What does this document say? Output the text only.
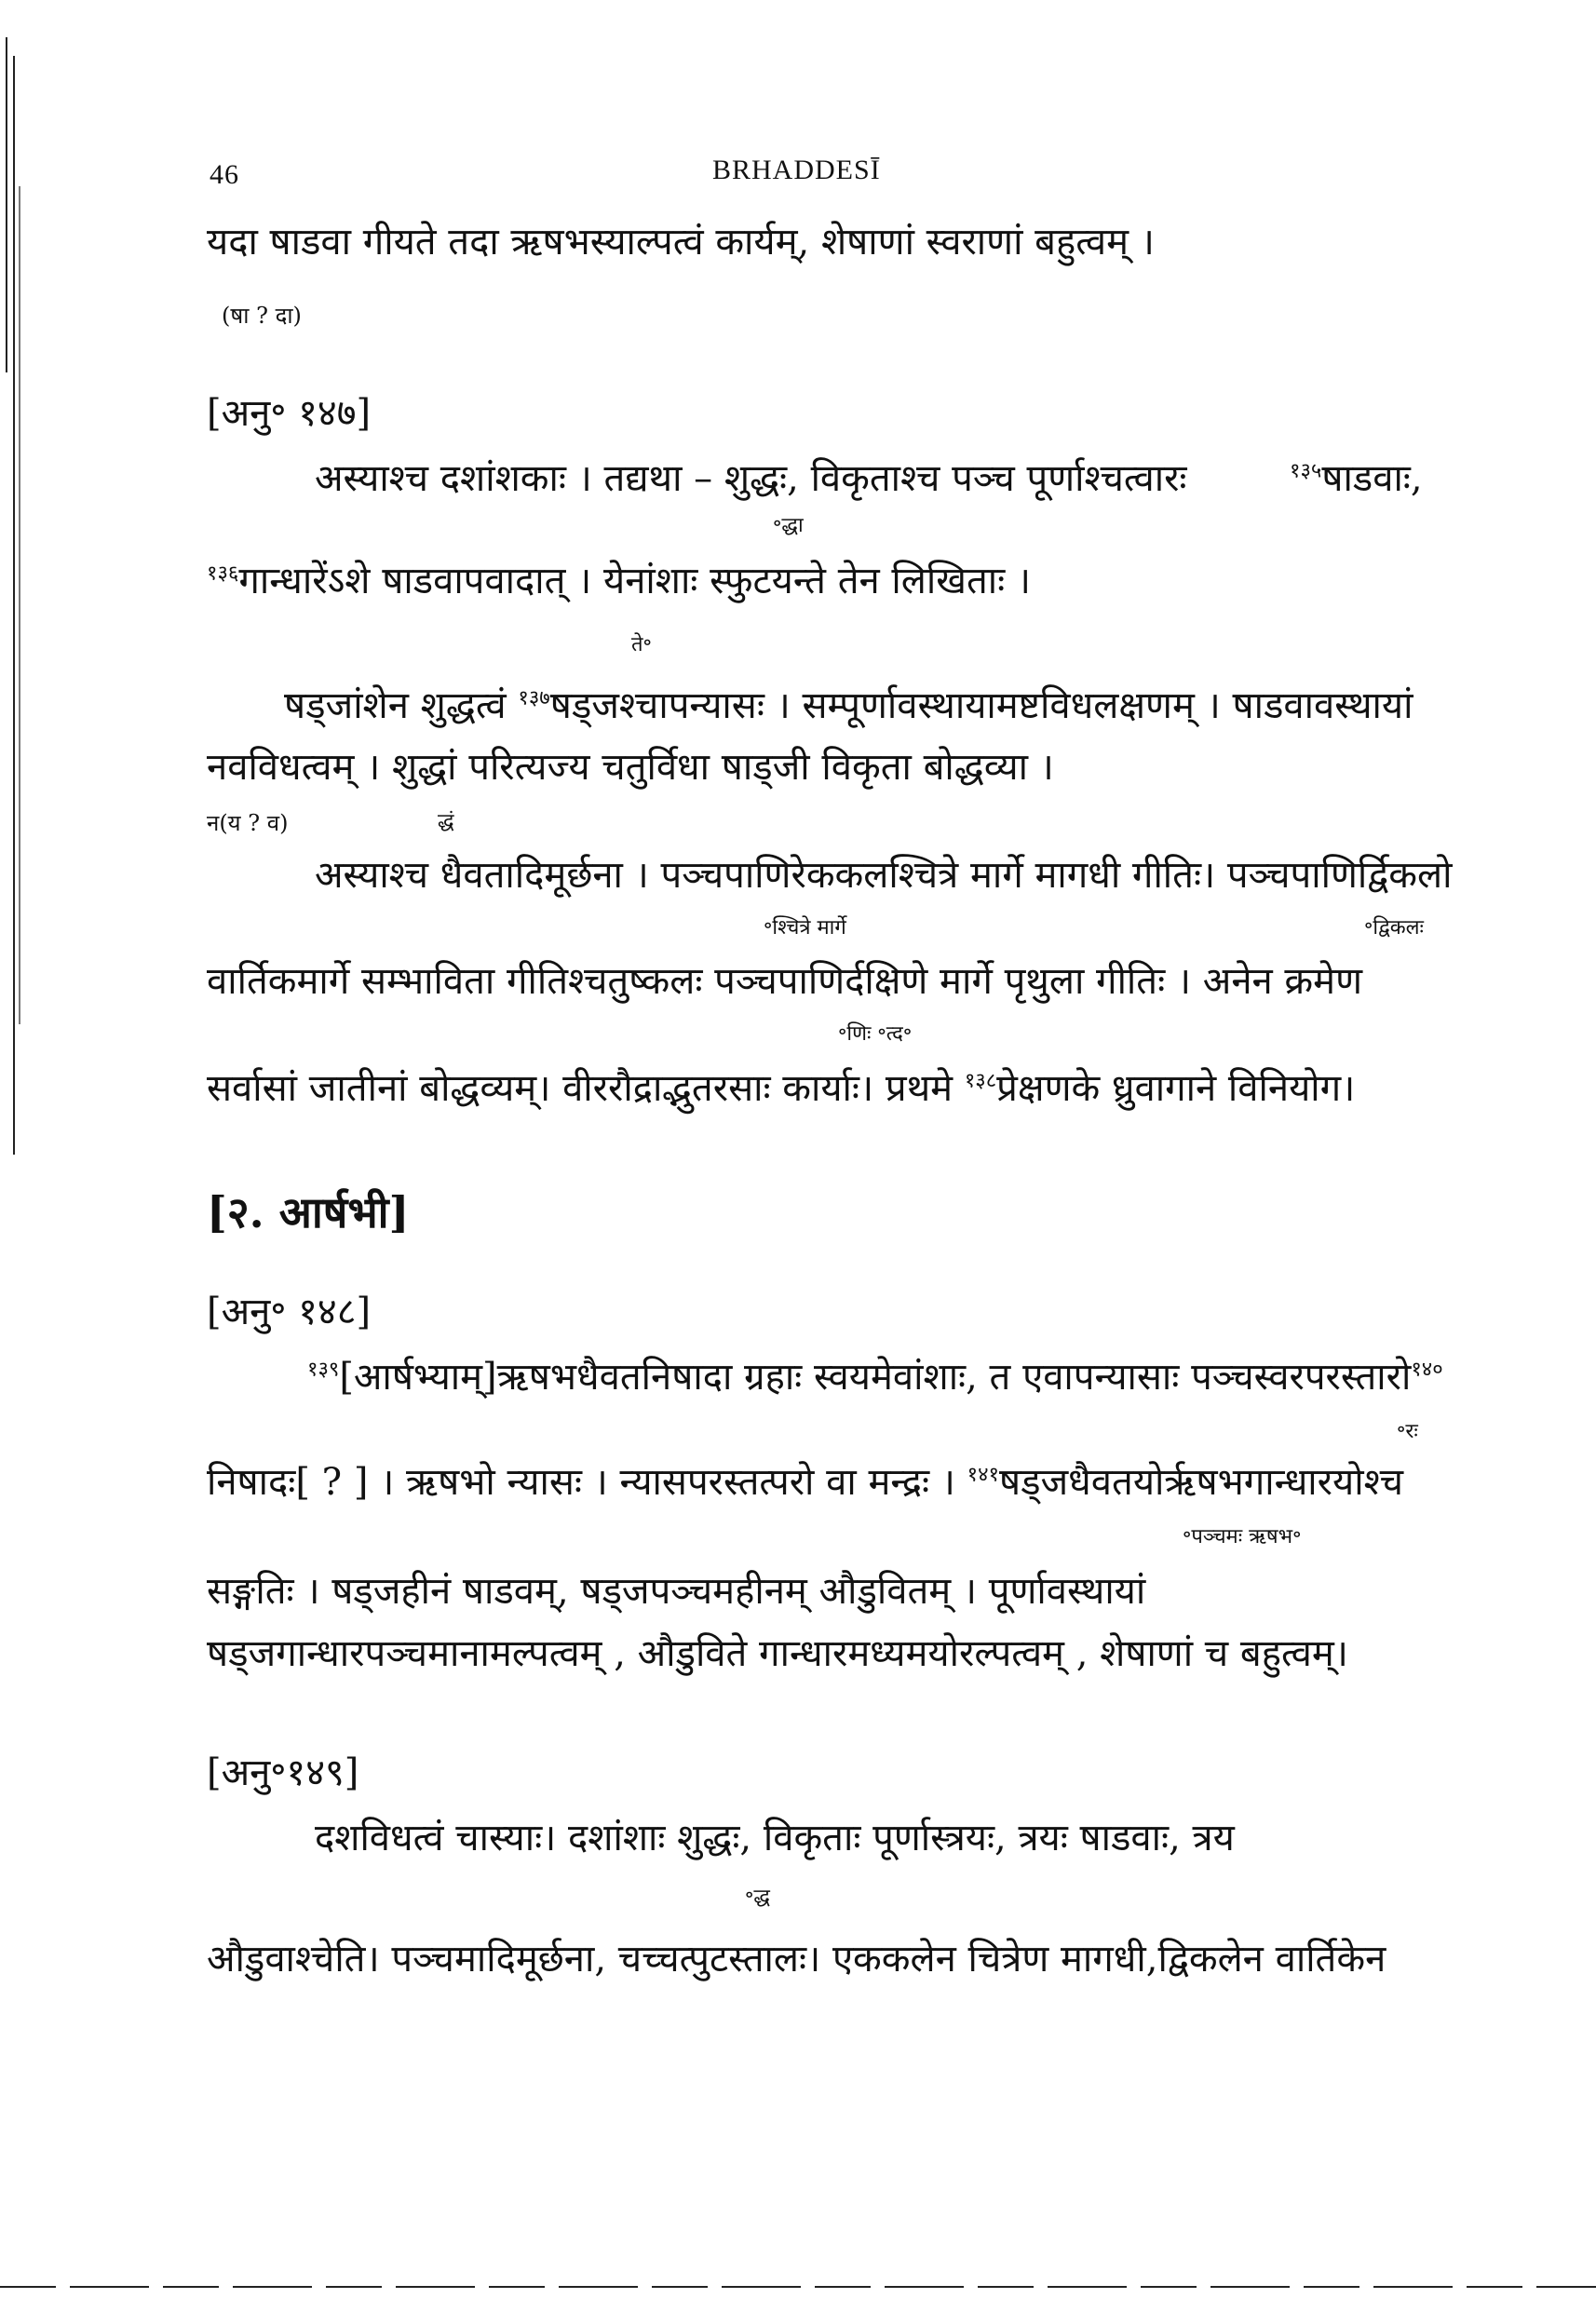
46	BRHADDESĪ
यदा षाडवा गीयते तदा ऋषभस्याल्पत्वं कार्यम्, शेषाणां स्वराणां बहुत्वम् ।
(षा ? दा)
[अनु॰ १४७]
अस्याश्च दशांशकाः । तद्यथा – शुद्धः, विकृताश्च पञ्च पूर्णाश्चत्वारः	$^{१३५}$षाडवाः,
॰द्धा
$^{१३६}$गान्धारेंऽशे षाडवापवादात् । येनांशाः स्फुटयन्ते तेन लिखिताः ।
ते॰
षड्जांशेन शुद्धत्वं $^{१३७}$षड्जश्चापन्यासः । सम्पूर्णावस्थायामष्टविधलक्षणम् । षाडवावस्थायां
नवविधत्वम् । शुद्धां परित्यज्य चतुर्विधा षाड्जी विकृता बोद्धव्या ।
न(य ? व)	द्धं
अस्याश्च धैवतादिमूर्छना । पञ्चपाणिरेककलश्चित्रे मार्गे मागधी गीतिः। पञ्चपाणिर्द्विकलो
॰श्चित्रे मार्गे	॰द्विकलः
वार्तिकमार्गे सम्भाविता गीतिश्चतुष्कलः पञ्चपाणिर्दक्षिणे मार्गे पृथुला गीतिः । अनेन क्रमेण
॰णिः ॰त्द॰
सर्वासां जातीनां बोद्धव्यम्। वीररौद्राद्भुतरसाः कार्याः। प्रथमे $^{१३८}$प्रेक्षणके ध्रुवागाने विनियोग।
[२. आर्षभी]
[अनु॰ १४८]
$^{१३९}$[आर्षभ्याम्]ऋषभधैवतनिषादा ग्रहाः स्वयमेवांशाः, त एवापन्यासाः पञ्चस्वरपरस्तारो$^{१४०}$
॰रः
निषादः[ ? ] । ऋषभो न्यासः । न्यासपरस्तत्परो वा मन्द्रः । $^{१४१}$षड्जधैवतयोर्ऋषभगान्धारयोश्च
॰पञ्चमः ऋषभ॰
सङ्गतिः । षड्जहीनं षाडवम्, षड्जपञ्चमहीनम् औडुवितम् । पूर्णावस्थायां
षड्जगान्धारपञ्चमानामल्पत्वम् , औडुविते गान्धारमध्यमयोरल्पत्वम् , शेषाणां च बहुत्वम्।
[अनु॰१४९]
दशविधत्वं चास्याः। दशांशाः शुद्धः, विकृताः पूर्णास्त्रयः, त्रयः षाडवाः, त्रय
॰द्ध
औडुवाश्चेति। पञ्चमादिमूर्छना, चच्चत्पुटस्तालः। एककलेन चित्रेण मागधी,द्विकलेन वार्तिकेन
